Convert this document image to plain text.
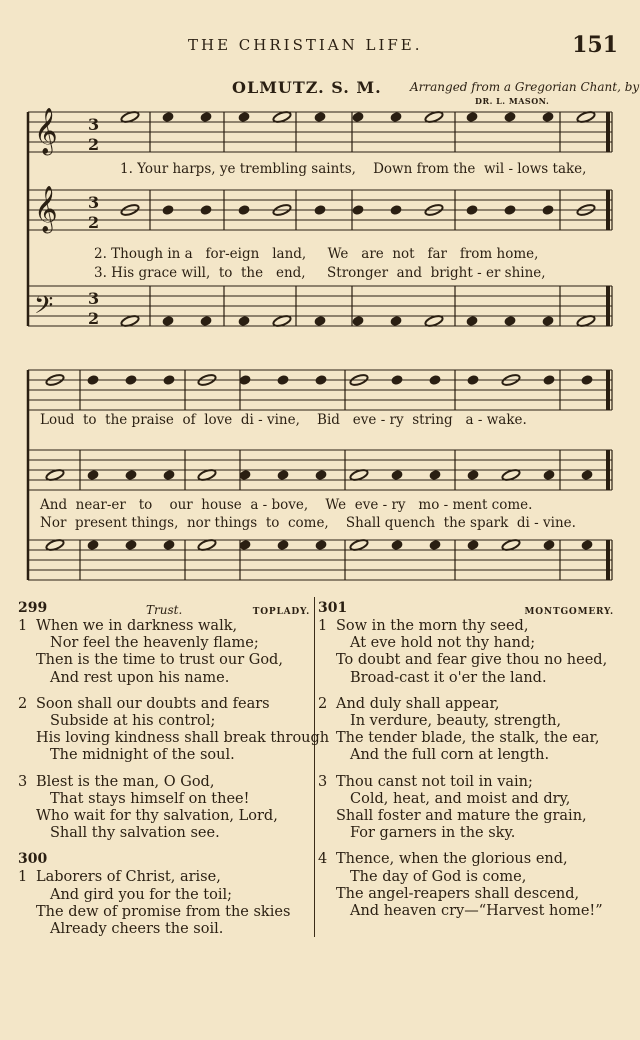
THE CHRISTIAN LIFE.	151
OLMUTZ. S. M. Arranged from a Gregorian Chant, by
DR. L. MASON.
𝄞 3
2
𝄞 3
2
𝄢 3
2
1. Your harps, ye trembling saints,    Down from the  wil - lows take,
2. Though in a   for-eign   land,     We   are  not   far   from home,
3. His grace will,  to  the   end,     Stronger  and  bright - er shine,
Loud  to  the praise  of  love  di - vine,    Bid   eve - ry  string   a - wake.
And  near-er   to    our  house  a - bove,    We  eve - ry   mo - ment come.
Nor  present things,  nor things  to  come,    Shall quench  the spark  di - vine.
299	Trust.	TOPLADY.
1 When we in darkness walk,
Nor feel the heavenly flame;
Then is the time to trust our God,
And rest upon his name.
2 Soon shall our doubts and fears
Subside at his control;
His loving kindness shall break through
The midnight of the soul.
3 Blest is the man, O God,
That stays himself on thee!
Who wait for thy salvation, Lord,
Shall thy salvation see.
300
1 Laborers of Christ, arise,
And gird you for the toil;
The dew of promise from the skies
Already cheers the soil.
301	MONTGOMERY.
1 Sow in the morn thy seed,
At eve hold not thy hand;
To doubt and fear give thou no heed,
Broad-cast it o'er the land.
2 And duly shall appear,
In verdure, beauty, strength,
The tender blade, the stalk, the ear,
And the full corn at length.
3 Thou canst not toil in vain;
Cold, heat, and moist and dry,
Shall foster and mature the grain,
For garners in the sky.
4 Thence, when the glorious end,
The day of God is come,
The angel-reapers shall descend,
And heaven cry—“Harvest home!”
